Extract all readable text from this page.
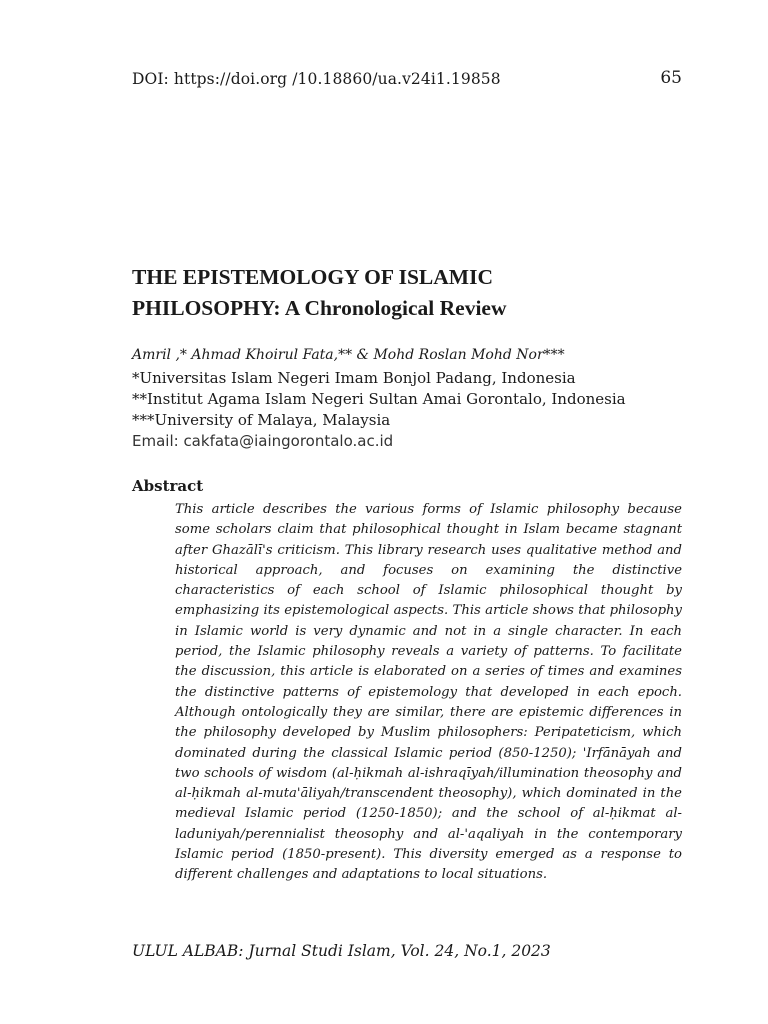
DOI: https://doi.org /10.18860/ua.v24i1.19858	65
THE EPISTEMOLOGY OF ISLAMIC
PHILOSOPHY: A Chronological Review
Amril ,* Ahmad Khoirul Fata,** & Mohd Roslan Mohd Nor***
*Universitas Islam Negeri Imam Bonjol Padang, Indonesia
**Institut Agama Islam Negeri Sultan Amai Gorontalo, Indonesia
***University of Malaya, Malaysia
Email: cakfata@iaingorontalo.ac.id
Abstract

This article describes the various forms of Islamic philosophy because some scholars claim that philosophical thought in Islam became stagnant after Ghazālī's criticism. This library research uses qualitative method and historical approach, and focuses on examining the distinctive characteristics of each school of Islamic philosophical thought by emphasizing its epistemological aspects. This article shows that philosophy in Islamic world is very dynamic and not in a single character. In each period, the Islamic philosophy reveals a variety of patterns. To facilitate the discussion, this article is elaborated on a series of times and examines the distinctive patterns of epistemology that developed in each epoch. Although ontologically they are similar, there are epistemic differences in the philosophy developed by Muslim philosophers: Peripateticism, which dominated during the classical Islamic period (850-1250); 'Irfānāyah and two schools of wisdom (al-ḥikmah al-ishraqīyah/illumination theosophy and al-ḥikmah al-muta'āliyah/transcendent theosophy), which dominated in the medieval Islamic period (1250-1850); and the school of al-ḥikmat al-laduniyah/perennialist theosophy and al-'aqaliyah in the contemporary Islamic period (1850-present). This diversity emerged as a response to different challenges and adaptations to local situations.

ULUL ALBAB: Jurnal Studi Islam, Vol. 24, No.1, 2023
